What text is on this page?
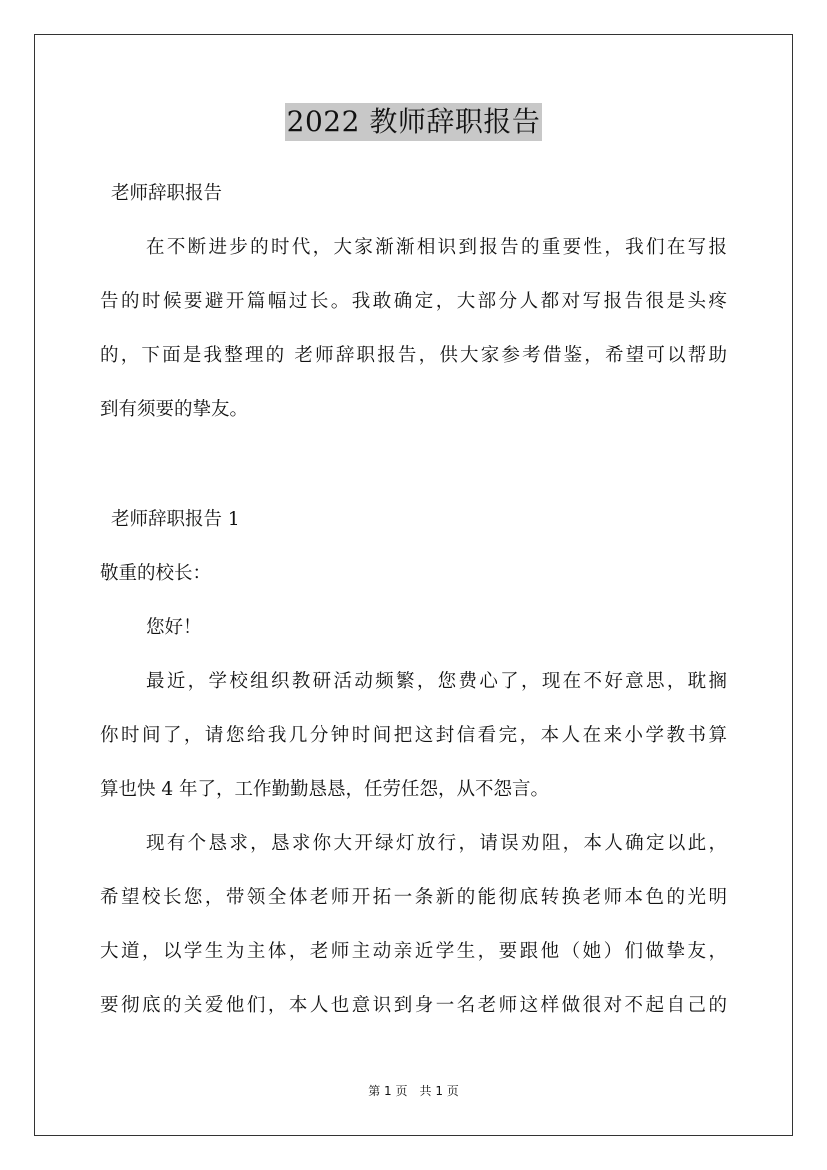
2022 教师辞职报告
老师辞职报告
在不断进步的时代，大家渐渐相识到报告的重要性，我们在写报
告的时候要避开篇幅过长。我敢确定，大部分人都对写报告很是头疼
的，下面是我整理的 老师辞职报告，供大家参考借鉴，希望可以帮助
到有须要的挚友。
老师辞职报告 1
敬重的校长：
您好！
最近，学校组织教研活动频繁，您费心了，现在不好意思，耽搁
你时间了，请您给我几分钟时间把这封信看完，本人在来小学教书算
算也快 4 年了，工作勤勤恳恳，任劳任怨，从不怨言。
现有个恳求，恳求你大开绿灯放行，请误劝阻，本人确定以此，
希望校长您，带领全体老师开拓一条新的能彻底转换老师本色的光明
大道，以学生为主体，老师主动亲近学生，要跟他（她）们做挚友，
要彻底的关爱他们，本人也意识到身一名老师这样做很对不起自己的
第 1 页　共 1 页
